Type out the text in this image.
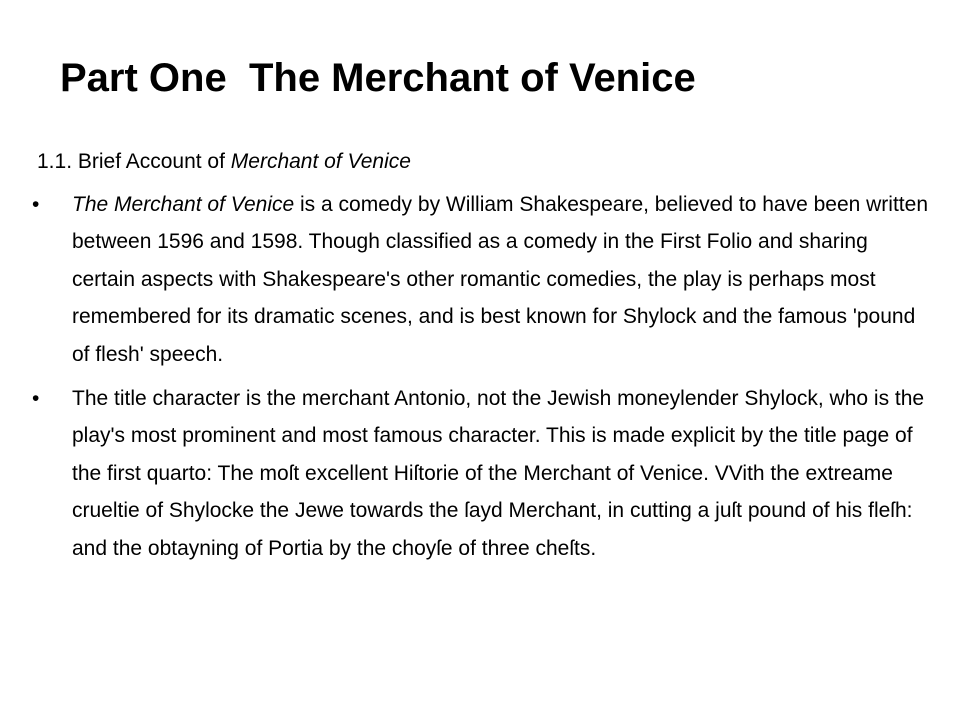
Part One  The Merchant of Venice

1.1. Brief Account of Merchant of Venice

• The Merchant of Venice is a comedy by William Shakespeare, believed to have been written between 1596 and 1598. Though classified as a comedy in the First Folio and sharing certain aspects with Shakespeare's other romantic comedies, the play is perhaps most remembered for its dramatic scenes, and is best known for Shylock and the famous 'pound of flesh' speech.
• The title character is the merchant Antonio, not the Jewish moneylender Shylock, who is the play's most prominent and most famous character. This is made explicit by the title page of the first quarto: The moſt excellent Hiſtorie of the Merchant of Venice. VVith the extreame crueltie of Shylocke the Jewe towards the ſayd Merchant, in cutting a juſt pound of his fleſh: and the obtayning of Portia by the choyſe of three cheſts.
